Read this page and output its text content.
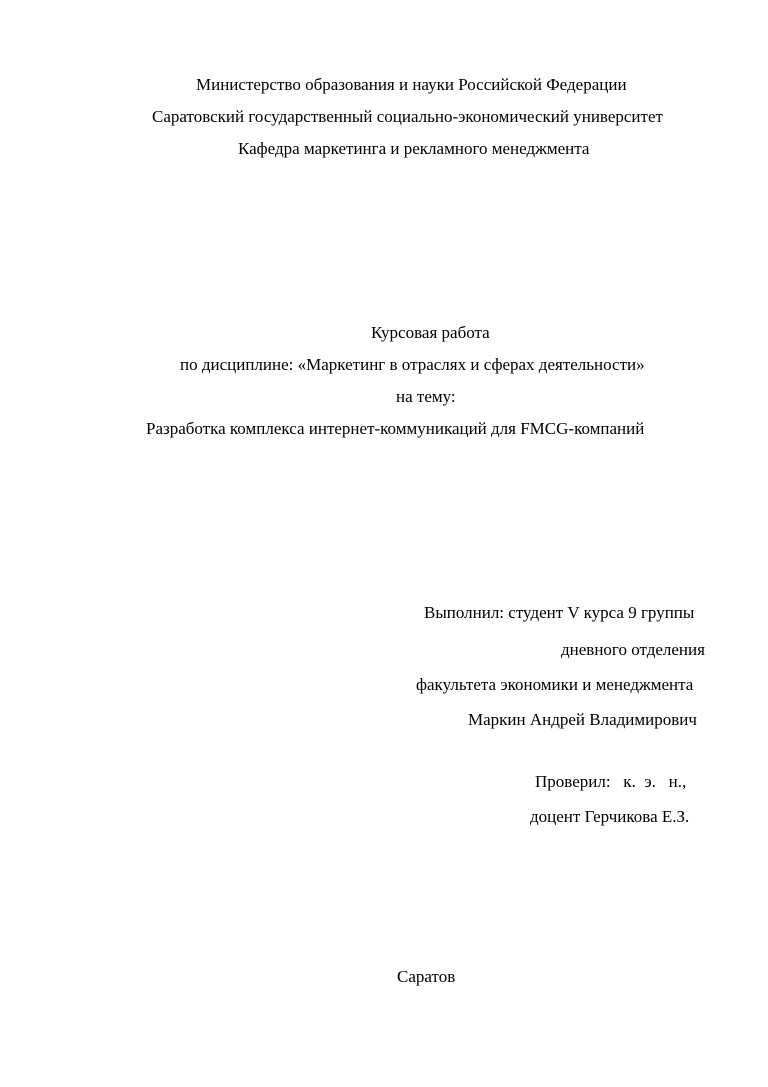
Министерство образования и науки Российской Федерации
Саратовский государственный социально-экономический университет
Кафедра маркетинга и рекламного менеджмента
Курсовая работа
по дисциплине: «Маркетинг в отраслях и сферах деятельности»
на тему:
Разработка комплекса интернет-коммуникаций для FMCG-компаний
Выполнил: студент V курса 9 группы
дневного отделения
факультета экономики и менеджмента
Маркин Андрей Владимирович
Проверил:   к.  э.   н.,
доцент Герчикова Е.З.
Саратов
